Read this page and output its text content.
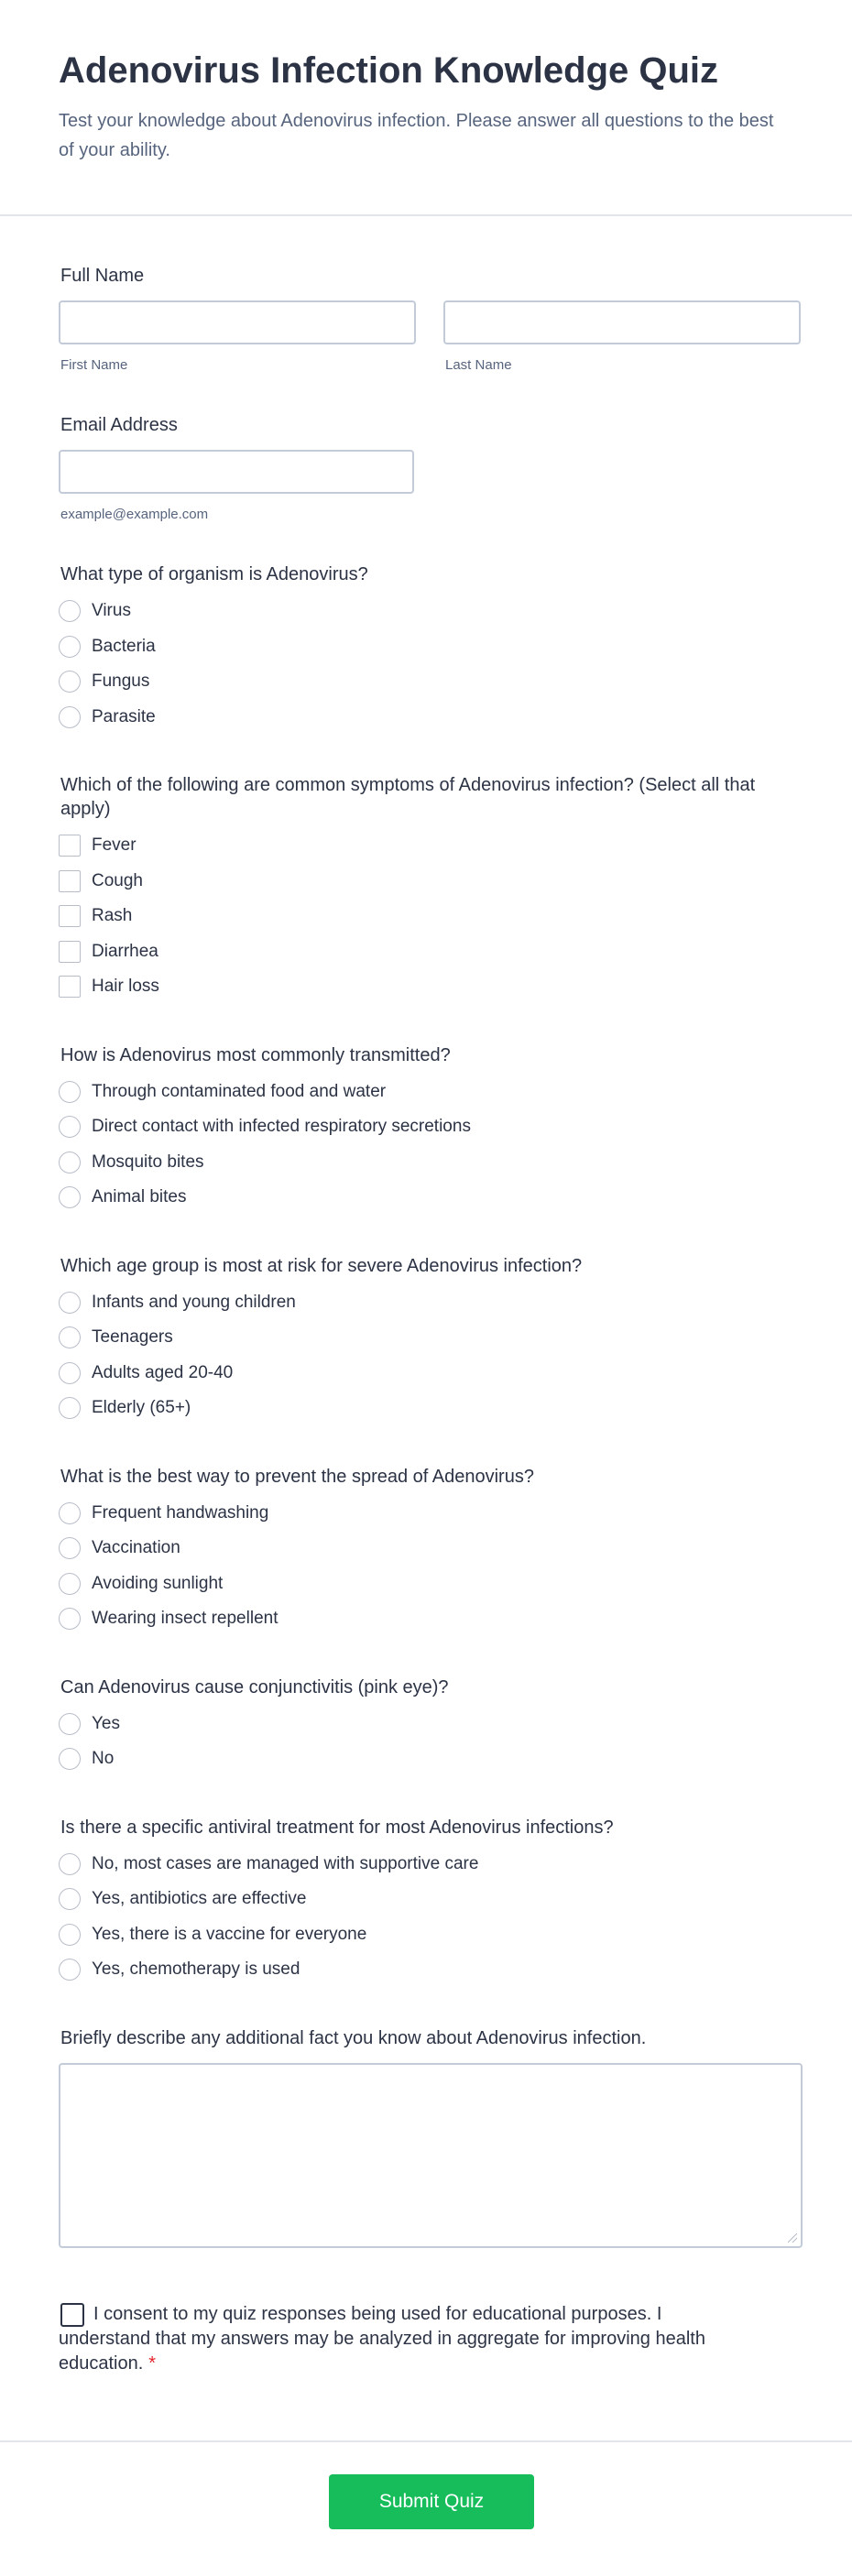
Adenovirus Infection Knowledge Quiz

Test your knowledge about Adenovirus infection. Please answer all questions to the best of your ability.

Full Name
First Name	Last Name
Email Address
example@example.com
What type of organism is Adenovirus?
Virus
Bacteria
Fungus
Parasite
Which of the following are common symptoms of Adenovirus infection? (Select all that apply)
Fever
Cough
Rash
Diarrhea
Hair loss
How is Adenovirus most commonly transmitted?
Through contaminated food and water
Direct contact with infected respiratory secretions
Mosquito bites
Animal bites
Which age group is most at risk for severe Adenovirus infection?
Infants and young children
Teenagers
Adults aged 20-40
Elderly (65+)
What is the best way to prevent the spread of Adenovirus?
Frequent handwashing
Vaccination
Avoiding sunlight
Wearing insect repellent
Can Adenovirus cause conjunctivitis (pink eye)?
Yes
No
Is there a specific antiviral treatment for most Adenovirus infections?
No, most cases are managed with supportive care
Yes, antibiotics are effective
Yes, there is a vaccine for everyone
Yes, chemotherapy is used
Briefly describe any additional fact you know about Adenovirus infection.
I consent to my quiz responses being used for educational purposes. I understand that my answers may be analyzed in aggregate for improving health education. *
Submit Quiz
